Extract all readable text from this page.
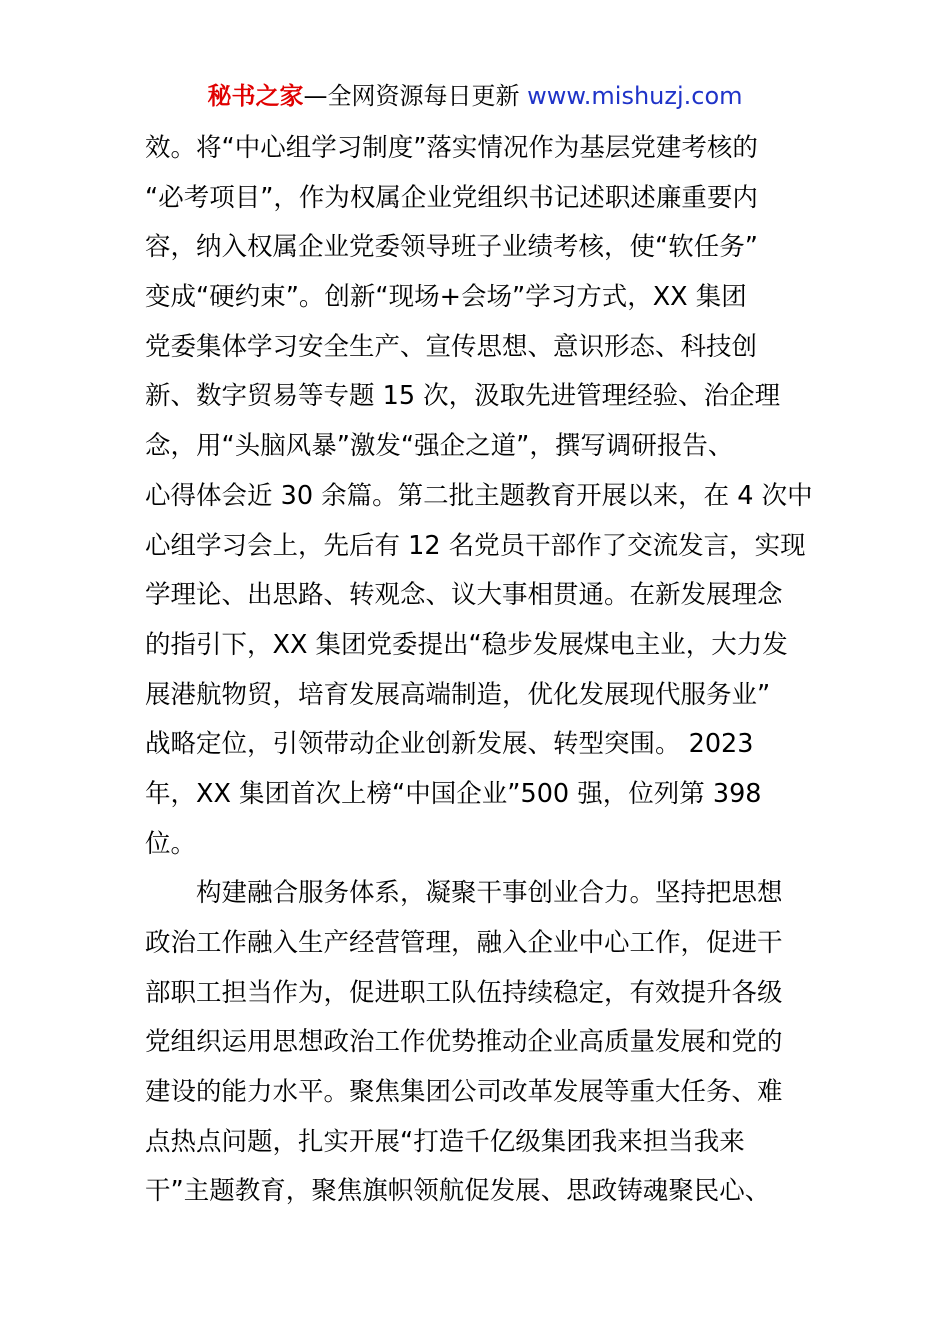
秘书之家—全网资源每日更新 www.mishuzj.com
效。将“中心组学习制度”落实情况作为基层党建考核的
“必考项目”，作为权属企业党组织书记述职述廉重要内
容，纳入权属企业党委领导班子业绩考核，使“软任务”
变成“硬约束”。创新“现场+会场”学习方式，XX 集团
党委集体学习安全生产、宣传思想、意识形态、科技创
新、数字贸易等专题 15 次，汲取先进管理经验、治企理
念，用“头脑风暴”激发“强企之道”，撰写调研报告、
心得体会近 30 余篇。第二批主题教育开展以来，在 4 次中
心组学习会上，先后有 12 名党员干部作了交流发言，实现
学理论、出思路、转观念、议大事相贯通。在新发展理念
的指引下，XX 集团党委提出“稳步发展煤电主业，大力发
展港航物贸，培育发展高端制造，优化发展现代服务业”
战略定位，引领带动企业创新发展、转型突围。 2023
年，XX 集团首次上榜“中国企业”500 强，位列第 398
位。
构建融合服务体系，凝聚干事创业合力。坚持把思想
政治工作融入生产经营管理，融入企业中心工作，促进干
部职工担当作为，促进职工队伍持续稳定，有效提升各级
党组织运用思想政治工作优势推动企业高质量发展和党的
建设的能力水平。聚焦集团公司改革发展等重大任务、难
点热点问题，扎实开展“打造千亿级集团我来担当我来
干”主题教育，聚焦旗帜领航促发展、思政铸魂聚民心、
